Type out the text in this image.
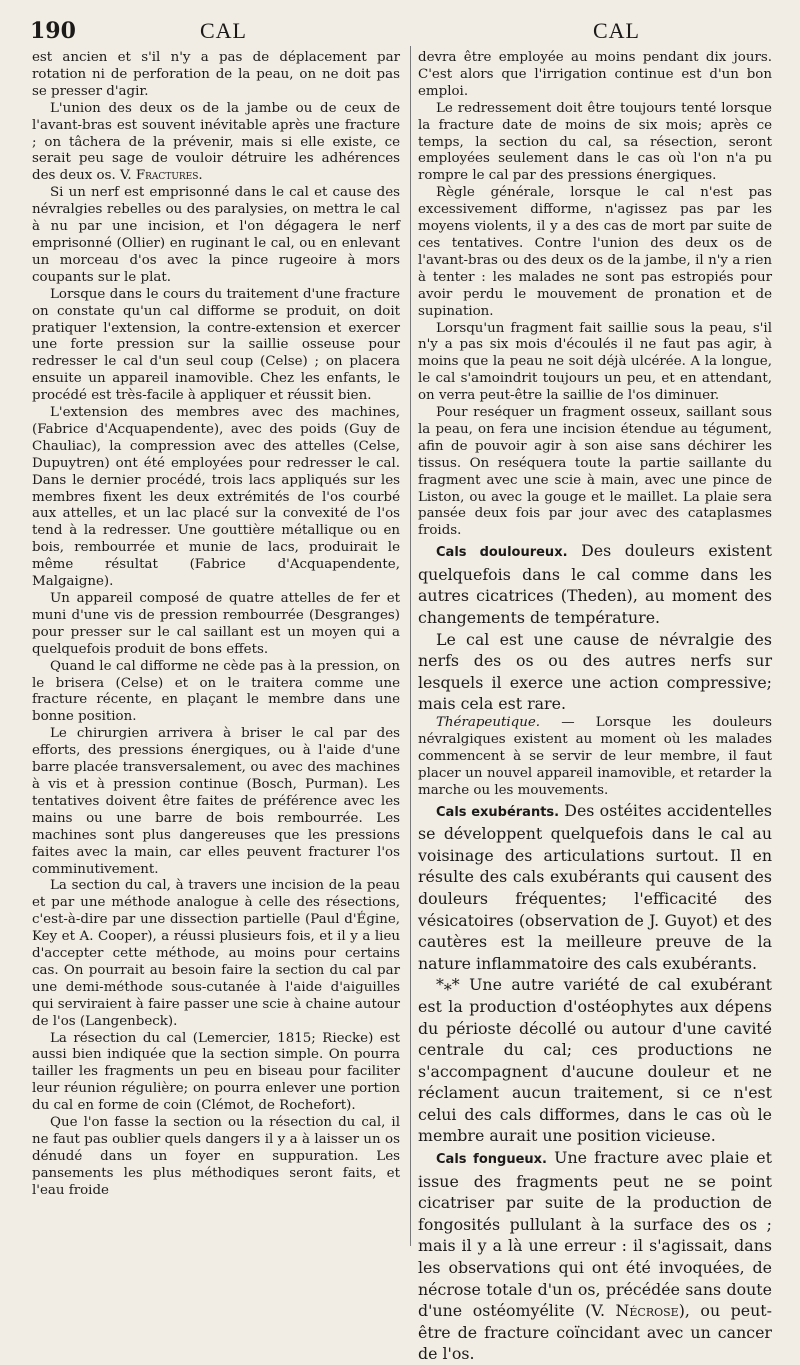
190	CAL	CAL

est ancien et s'il n'y a pas de déplacement par rotation ni de perforation de la peau, on ne doit pas se presser d'agir.

L'union des deux os de la jambe ou de ceux de l'avant-bras est souvent inévitable après une fracture ; on tâchera de la prévenir, mais si elle existe, ce serait peu sage de vouloir détruire les adhérences des deux os. V. Fractures.

Si un nerf est emprisonné dans le cal et cause des névralgies rebelles ou des paralysies, on mettra le cal à nu par une incision, et l'on dégagera le nerf emprisonné (Ollier) en ruginant le cal, ou en enlevant un morceau d'os avec la pince rugeoire à mors coupants sur le plat.

Lorsque dans le cours du traitement d'une fracture on constate qu'un cal difforme se produit, on doit pratiquer l'extension, la contre-extension et exercer une forte pression sur la saillie osseuse pour redresser le cal d'un seul coup (Celse) ; on placera ensuite un appareil inamovible. Chez les enfants, le procédé est très-facile à appliquer et réussit bien.

L'extension des membres avec des machines, (Fabrice d'Acquapendente), avec des poids (Guy de Chauliac), la compression avec des attelles (Celse, Dupuytren) ont été employées pour redresser le cal. Dans le dernier procédé, trois lacs appliqués sur les membres fixent les deux extrémités de l'os courbé aux attelles, et un lac placé sur la convexité de l'os tend à la redresser. Une gouttière métallique ou en bois, rembourrée et munie de lacs, produirait le même résultat (Fabrice d'Acquapendente, Malgaigne).

Un appareil composé de quatre attelles de fer et muni d'une vis de pression rembourrée (Desgranges) pour presser sur le cal saillant est un moyen qui a quelquefois produit de bons effets.

Quand le cal difforme ne cède pas à la pression, on le brisera (Celse) et on le traitera comme une fracture récente, en plaçant le membre dans une bonne position.

Le chirurgien arrivera à briser le cal par des efforts, des pressions énergiques, ou à l'aide d'une barre placée transversalement, ou avec des machines à vis et à pression continue (Bosch, Purman). Les tentatives doivent être faites de préférence avec les mains ou une barre de bois rembourrée. Les machines sont plus dangereuses que les pressions faites avec la main, car elles peuvent fracturer l'os comminutivement.

La section du cal, à travers une incision de la peau et par une méthode analogue à celle des résections, c'est-à-dire par une dissection partielle (Paul d'Égine, Key et A. Cooper), a réussi plusieurs fois, et il y a lieu d'accepter cette méthode, au moins pour certains cas. On pourrait au besoin faire la section du cal par une demi-méthode sous-cutanée à l'aide d'aiguilles qui serviraient à faire passer une scie à chaine autour de l'os (Langenbeck).

La résection du cal (Lemercier, 1815; Riecke) est aussi bien indiquée que la section simple. On pourra tailler les fragments un peu en biseau pour faciliter leur réunion régulière; on pourra enlever une portion du cal en forme de coin (Clémot, de Rochefort).

Que l'on fasse la section ou la résection du cal, il ne faut pas oublier quels dangers il y a à laisser un os dénudé dans un foyer en suppuration. Les pansements les plus méthodiques seront faits, et l'eau froide

devra être employée au moins pendant dix jours. C'est alors que l'irrigation continue est d'un bon emploi.

Le redressement doit être toujours tenté lorsque la fracture date de moins de six mois; après ce temps, la section du cal, sa résection, seront employées seulement dans le cas où l'on n'a pu rompre le cal par des pressions énergiques.

Règle générale, lorsque le cal n'est pas excessivement difforme, n'agissez pas par les moyens violents, il y a des cas de mort par suite de ces tentatives. Contre l'union des deux os de l'avant-bras ou des deux os de la jambe, il n'y a rien à tenter : les malades ne sont pas estropiés pour avoir perdu le mouvement de pronation et de supination.

Lorsqu'un fragment fait saillie sous la peau, s'il n'y a pas six mois d'écoulés il ne faut pas agir, à moins que la peau ne soit déjà ulcérée. A la longue, le cal s'amoindrit toujours un peu, et en attendant, on verra peut-être la saillie de l'os diminuer.

Pour reséquer un fragment osseux, saillant sous la peau, on fera une incision étendue au tégument, afin de pouvoir agir à son aise sans déchirer les tissus. On reséquera toute la partie saillante du fragment avec une scie à main, avec une pince de Liston, ou avec la gouge et le maillet. La plaie sera pansée deux fois par jour avec des cataplasmes froids.

Cals douloureux. Des douleurs existent quelquefois dans le cal comme dans les autres cicatrices (Theden), au moment des changements de température.

Le cal est une cause de névralgie des nerfs des os ou des autres nerfs sur lesquels il exerce une action compressive; mais cela est rare.

Thérapeutique. — Lorsque les douleurs névralgiques existent au moment où les malades commencent à se servir de leur membre, il faut placer un nouvel appareil inamovible, et retarder la marche ou les mouvements.

Cals exubérants. Des ostéites accidentelles se développent quelquefois dans le cal au voisinage des articulations surtout. Il en résulte des cals exubérants qui causent des douleurs fréquentes; l'efficacité des vésicatoires (observation de J. Guyot) et des cautères est la meilleure preuve de la nature inflammatoire des cals exubérants.

*⁎* Une autre variété de cal exubérant est la production d'ostéophytes aux dépens du périoste décollé ou autour d'une cavité centrale du cal; ces productions ne s'accompagnent d'aucune douleur et ne réclament aucun traitement, si ce n'est celui des cals difformes, dans le cas où le membre aurait une position vicieuse.

Cals fongueux. Une fracture avec plaie et issue des fragments peut ne se point cicatriser par suite de la production de fongosités pullulant à la surface des os ; mais il y a là une erreur : il s'agissait, dans les observations qui ont été invoquées, de nécrose totale d'un os, précédée sans doute d'une ostéomyélite (V. Nécrose), ou peut-être de fracture coïncidant avec un cancer de l'os.
